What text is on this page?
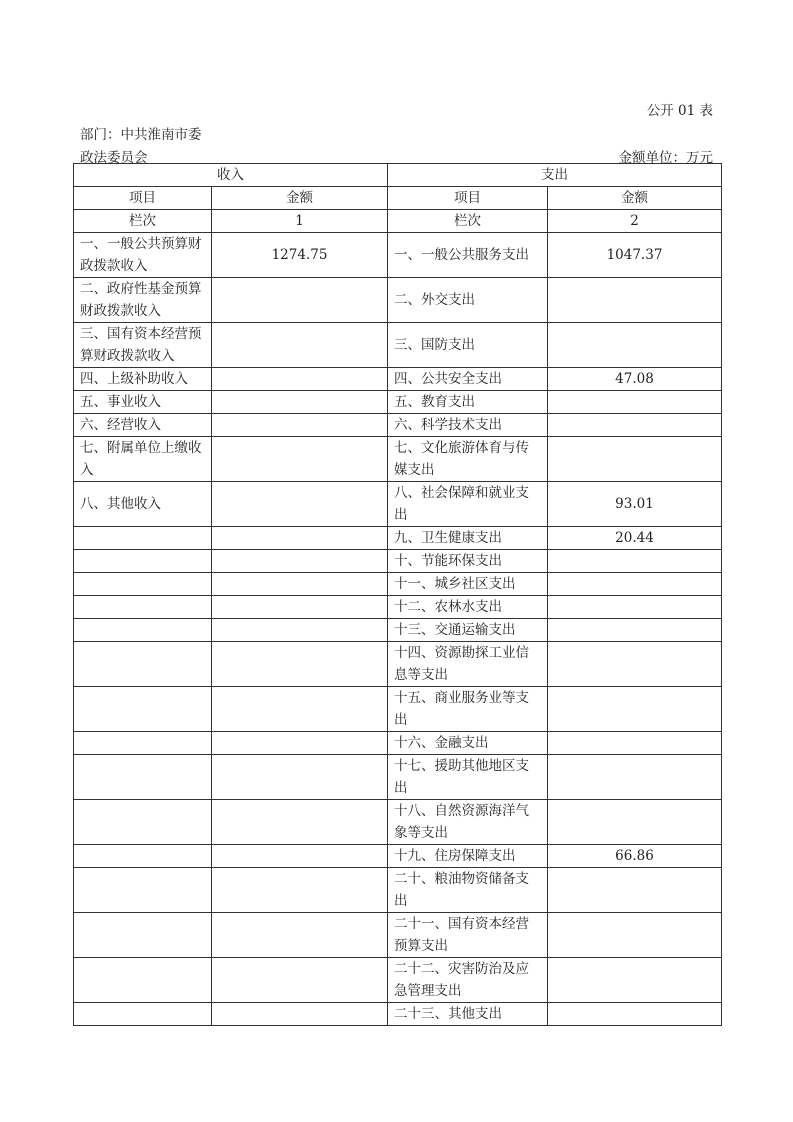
公开 01 表
部门：中共淮南市委
政法委员会	金额单位：万元
收入		支出	
项目	金额	项目	金额
栏次	1	栏次	2
一、一般公共预算财政拨款收入	1274.75	一、一般公共服务支出	1047.37
二、政府性基金预算财政拨款收入		二、外交支出	
三、国有资本经营预算财政拨款收入		三、国防支出	
四、上级补助收入		四、公共安全支出	47.08
五、事业收入		五、教育支出	
六、经营收入		六、科学技术支出	
七、附属单位上缴收入		七、文化旅游体育与传媒支出	
八、其他收入		八、社会保障和就业支出	93.01
		九、卫生健康支出	20.44
		十、节能环保支出	
		十一、城乡社区支出	
		十二、农林水支出	
		十三、交通运输支出	
		十四、资源勘探工业信息等支出	
		十五、商业服务业等支出	
		十六、金融支出	
		十七、援助其他地区支出	
		十八、自然资源海洋气象等支出	
		十九、住房保障支出	66.86
		二十、粮油物资储备支出	
		二十一、国有资本经营预算支出	
		二十二、灾害防治及应急管理支出	
		二十三、其他支出	
